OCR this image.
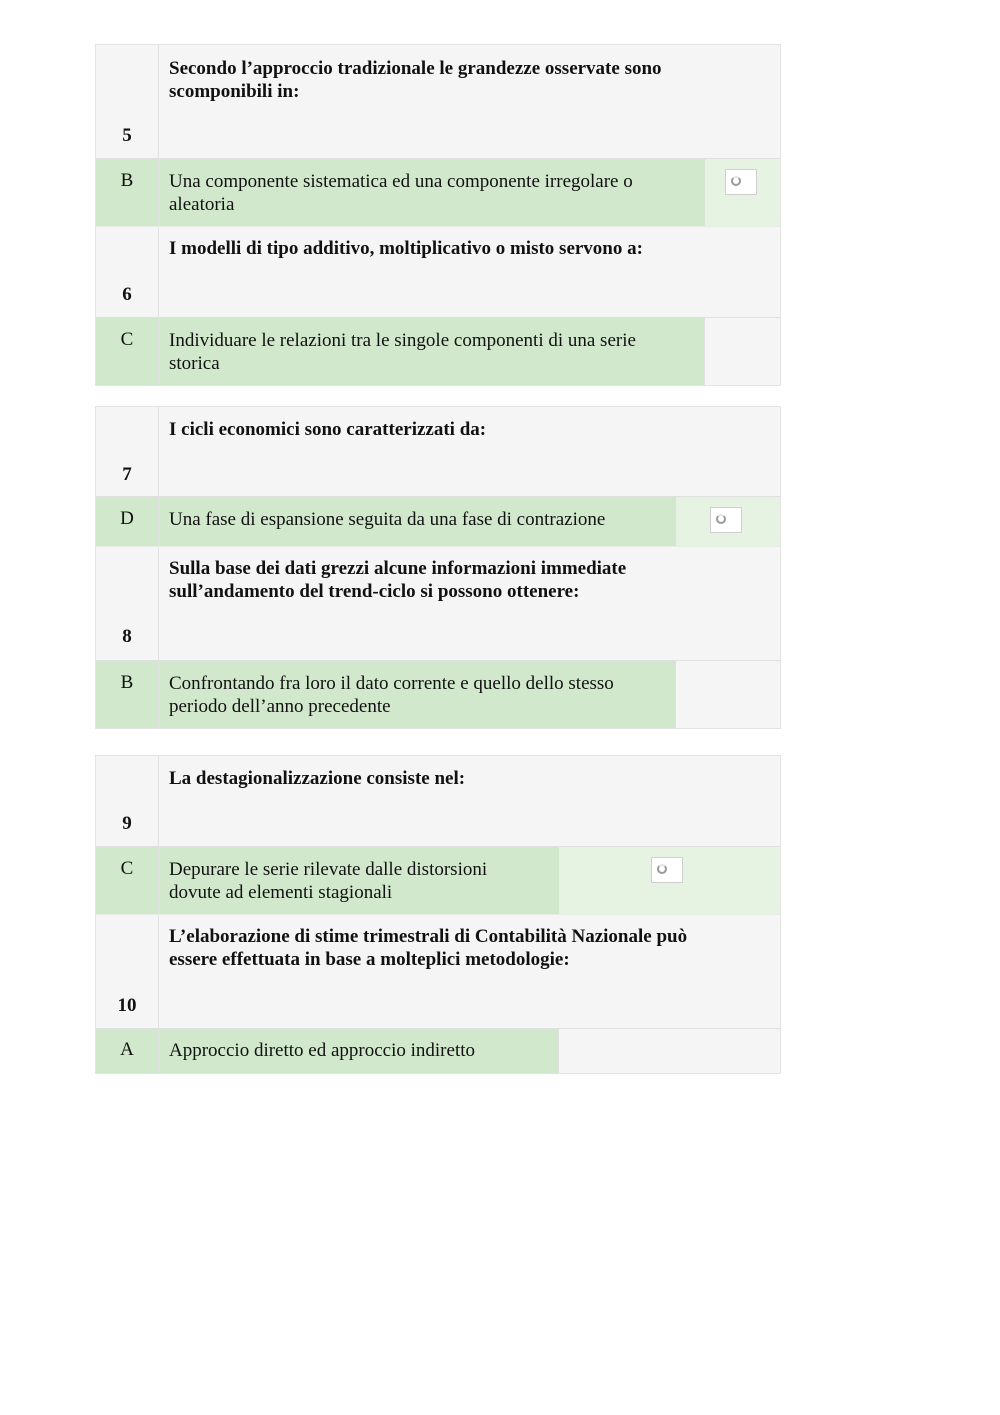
5
Secondo l’approccio tradizionale le grandezze osservate sono
scomponibili in:
B	Una componente sistematica ed una componente irregolare o
aleatoria
6
I modelli di tipo additivo, moltiplicativo o misto servono a:
C	Individuare le relazioni tra le singole componenti di una serie
storica
7
I cicli economici sono caratterizzati da:
D	Una fase di espansione seguita da una fase di contrazione
8
Sulla base dei dati grezzi alcune informazioni immediate
sull’andamento del trend-ciclo si possono ottenere:
B	Confrontando fra loro il dato corrente e quello dello stesso
periodo dell’anno precedente
9
La destagionalizzazione consiste nel:
C	Depurare le serie rilevate dalle distorsioni
dovute ad elementi stagionali
10
L’elaborazione di stime trimestrali di Contabilità Nazionale può
essere effettuata in base a molteplici metodologie:
A	Approccio diretto ed approccio indiretto
